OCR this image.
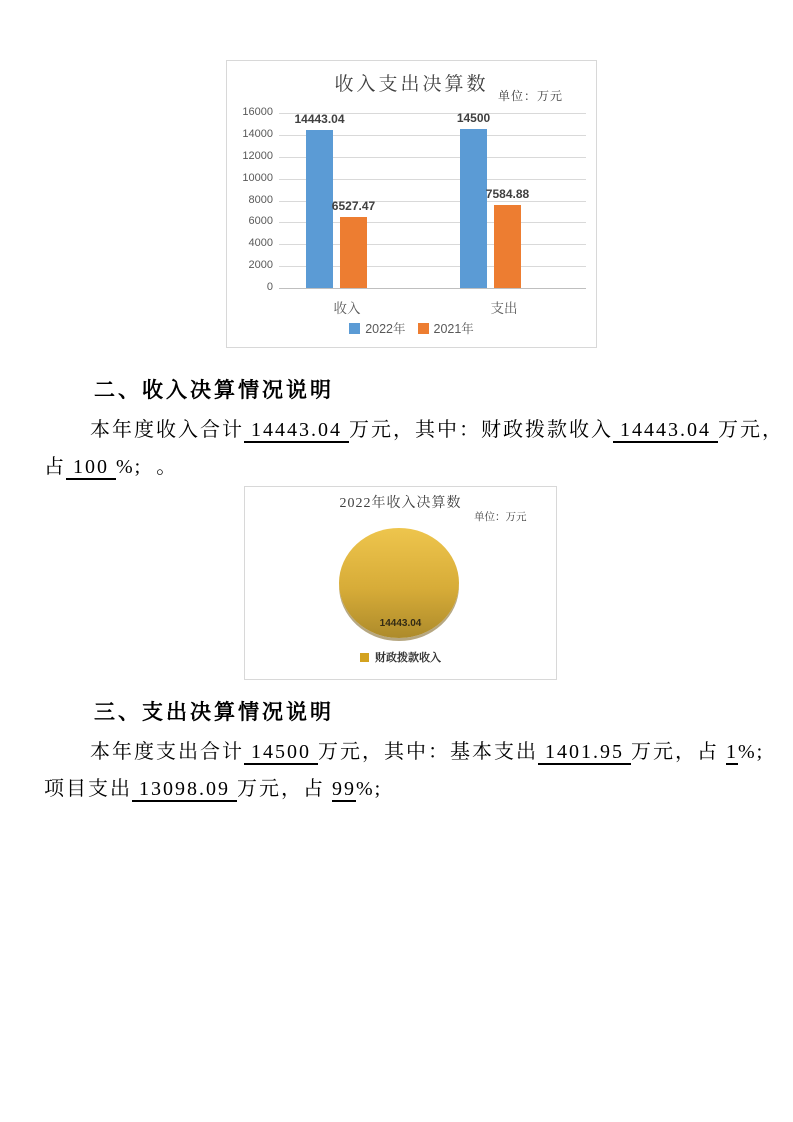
收入支出决算数
单位：万元
0
2000
4000
6000
8000
10000
12000
14000
16000
14443.04
6527.47
收入
14500
7584.88
支出
2022年 2021年
二、收入决算情况说明
本年度收入合计 14443.04 万元，其中：财政拨款收入 14443.04 万元，
占 100 %;  。
2022年收入决算数
单位：万元
14443.04
财政拨款收入
三、支出决算情况说明
本年度支出合计 14500 万元，其中：基本支出 1401.95 万元，占 1%;
项目支出 13098.09 万元，占 99%;
